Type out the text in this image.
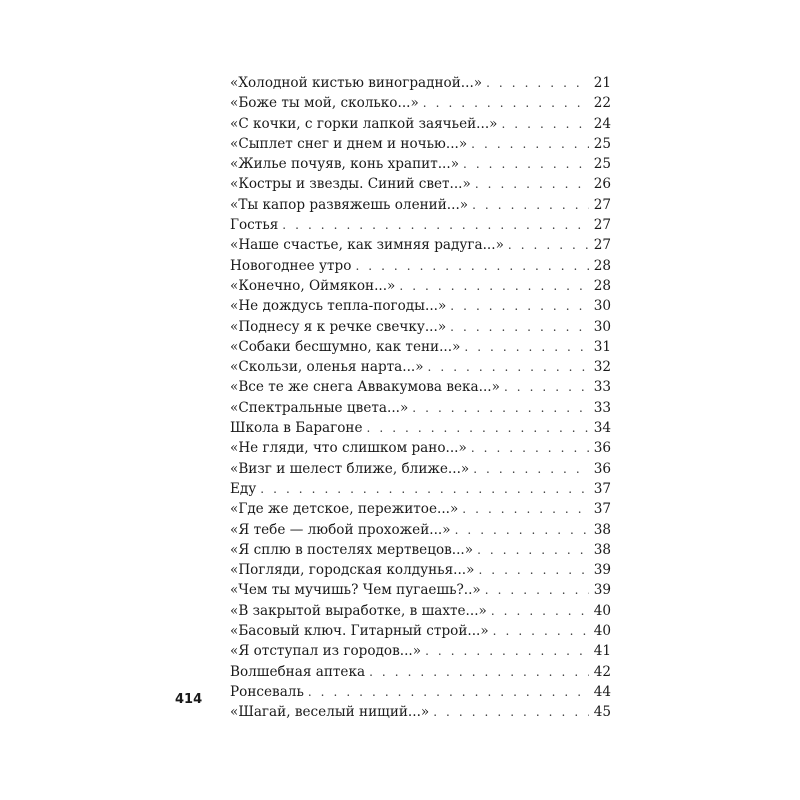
«Холодной кистью виноградной...» . . .	21
«Боже ты мой, сколько...» . . .	22
«С кочки, с горки лапкой заячьей...» . . .	24
«Сыплет снег и днем и ночью...» . . .	25
«Жилье почуяв, конь храпит...» . . .	25
«Костры и звезды. Синий свет...» . . .	26
«Ты капор развяжешь олений...» . . .	27
Гостья . . .	27
«Наше счастье, как зимняя радуга...» . . .	27
Новогоднее утро . . .	28
«Конечно, Оймякон...» . . .	28
«Не дождусь тепла-погоды...» . . .	30
«Поднесу я к речке свечку...» . . .	30
«Собаки бесшумно, как тени...» . . .	31
«Скользи, оленья нарта...» . . .	32
«Все те же снега Аввакумова века...» . . .	33
«Спектральные цвета...» . . .	33
Школа в Барагоне . . .	34
«Не гляди, что слишком рано...» . . .	36
«Визг и шелест ближе, ближе...» . . .	36
Еду . . .	37
«Где же детское, пережитое...» . . .	37
«Я тебе — любой прохожей...» . . .	38
«Я сплю в постелях мертвецов...» . . .	38
«Погляди, городская колдунья...» . . .	39
«Чем ты мучишь? Чем пугаешь?..» . . .	39
«В закрытой выработке, в шахте...» . . .	40
«Басовый ключ. Гитарный строй...» . . .	40
«Я отступал из городов...» . . .	41
Волшебная аптека . . .	42
Ронсеваль . . .	44
«Шагай, веселый нищий...» . . .	45
414
